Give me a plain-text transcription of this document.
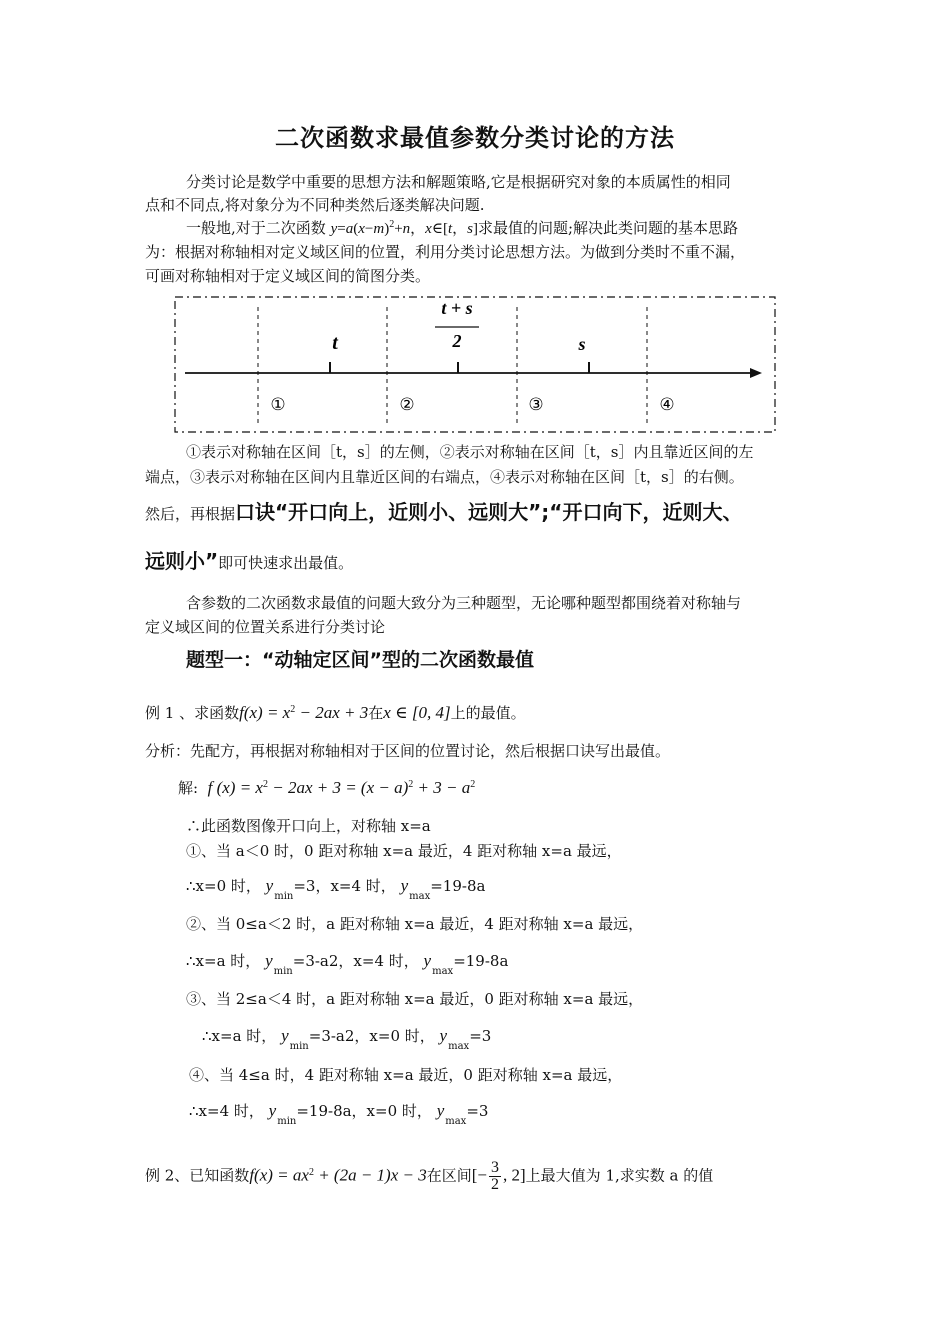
二次函数求最值参数分类讨论的方法
分类讨论是数学中重要的思想方法和解题策略,它是根据研究对象的本质属性的相同
点和不同点,将对象分为不同种类然后逐类解决问题.
一般地,对于二次函数 $y=a(x-m)^2+n$，x∈[t，s]求最值的问题;解决此类问题的基本思路
为：根据对称轴相对定义域区间的位置，利用分类讨论思想方法。为做到分类时不重不漏，
可画对称轴相对于定义域区间的简图分类。
t
t + s
2	s
①	②	③	④
①表示对称轴在区间［t，s］的左侧，②表示对称轴在区间［t，s］内且靠近区间的左
端点，③表示对称轴在区间内且靠近区间的右端点，④表示对称轴在区间［t，s］的右侧。
然后，再根据口诀“开口向上，近则小、远则大”;“开口向下，近则大、
远则小”即可快速求出最值。
含参数的二次函数求最值的问题大致分为三种题型，无论哪种题型都围绕着对称轴与
定义域区间的位置关系进行分类讨论
题型一：“动轴定区间”型的二次函数最值
例 1 、求函数$f(x) = x^2 - 2ax + 3$在x ∈ [0, 4]上的最值。
分析：先配方，再根据对称轴相对于区间的位置讨论，然后根据口诀写出最值。
解: f $(x) = x^2 - 2ax + 3 = (x - a)^2 + 3 - a^2$
∴此函数图像开口向上，对称轴 x=a
①、当 a＜0 时，0 距对称轴 x=a 最近，4 距对称轴 x=a 最远，
∴x=0 时， $y_{min}=3$，x=4 时， $y_{max}=19-8a$
②、当 0≤a＜2 时，a 距对称轴 x=a 最近，4 距对称轴 x=a 最远，
∴x=a 时， $y_{min}=3-a2$，x=4 时， $y_{max}=19-8a$
③、当 2≤a＜4 时，a 距对称轴 x=a 最近，0 距对称轴 x=a 最远，
∴x=a 时， $y_{min}=3-a2$，x=0 时， $y_{max}=3$
④、当 4≤a 时，4 距对称轴 x=a 最近，0 距对称轴 x=a 最远，
∴x=4 时， $y_{min}=19-8a$，x=0 时， $y_{max}=3$
例 2、已知函数$f(x) = ax^2 + (2a - 1)x - 3$在区间[− $\frac{3}{2}$ , 2]上最大值为 1,求实数 a 的值
